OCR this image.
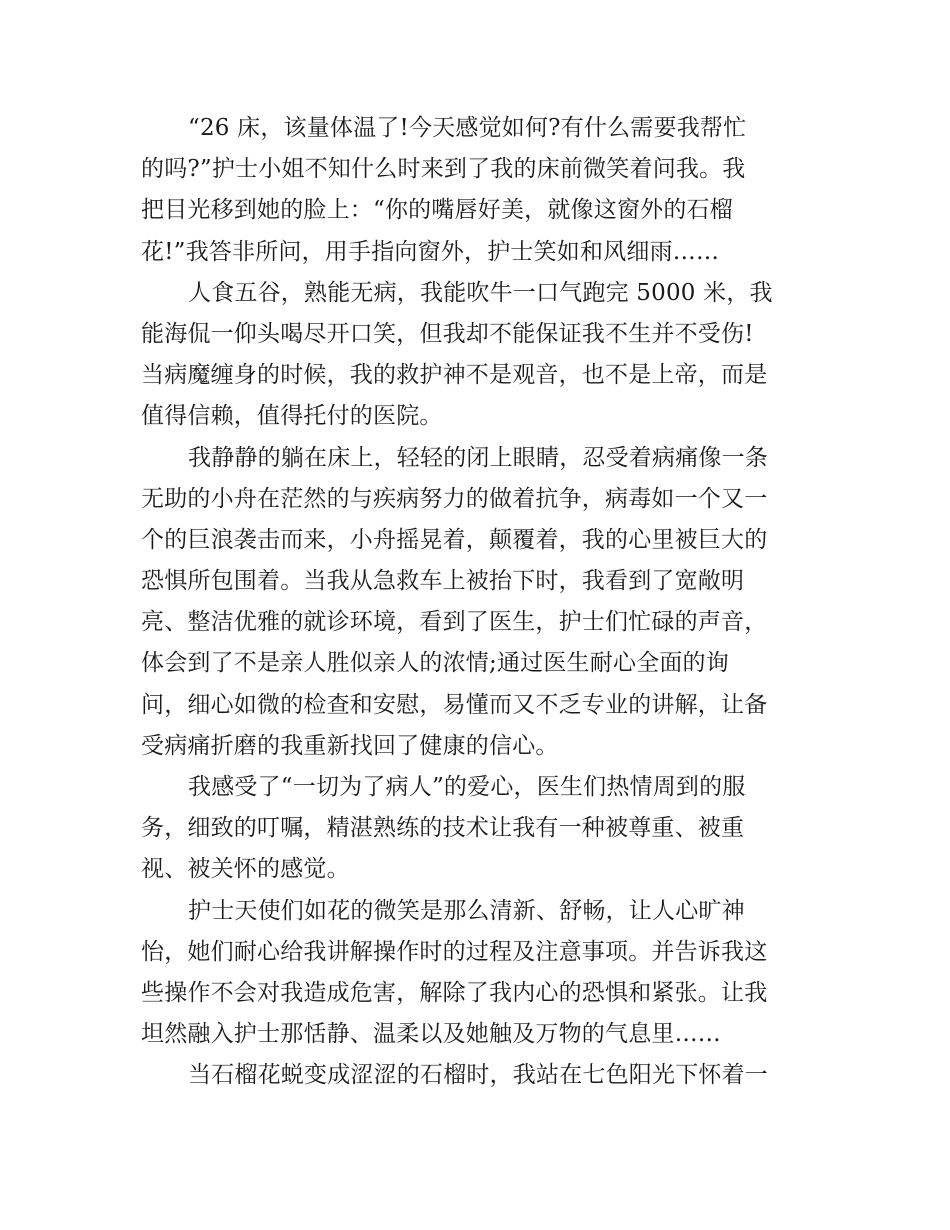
“26 床，该量体温了!今天感觉如何?有什么需要我帮忙
的吗?”护士小姐不知什么时来到了我的床前微笑着问我。我
把目光移到她的脸上：“你的嘴唇好美，就像这窗外的石榴
花!”我答非所问，用手指向窗外，护士笑如和风细雨……
人食五谷，熟能无病，我能吹牛一口气跑完 5000 米，我
能海侃一仰头喝尽开口笑，但我却不能保证我不生并不受伤!
当病魔缠身的时候，我的救护神不是观音，也不是上帝，而是
值得信赖，值得托付的医院。
我静静的躺在床上，轻轻的闭上眼睛，忍受着病痛像一条
无助的小舟在茫然的与疾病努力的做着抗争，病毒如一个又一
个的巨浪袭击而来，小舟摇晃着，颠覆着，我的心里被巨大的
恐惧所包围着。当我从急救车上被抬下时，我看到了宽敞明
亮、整洁优雅的就诊环境，看到了医生，护士们忙碌的声音，
体会到了不是亲人胜似亲人的浓情;通过医生耐心全面的询
问，细心如微的检查和安慰，易懂而又不乏专业的讲解，让备
受病痛折磨的我重新找回了健康的信心。
我感受了“一切为了病人”的爱心，医生们热情周到的服
务，细致的叮嘱，精湛熟练的技术让我有一种被尊重、被重
视、被关怀的感觉。
护士天使们如花的微笑是那么清新、舒畅，让人心旷神
怡，她们耐心给我讲解操作时的过程及注意事项。并告诉我这
些操作不会对我造成危害，解除了我内心的恐惧和紧张。让我
坦然融入护士那恬静、温柔以及她触及万物的气息里……
当石榴花蜕变成涩涩的石榴时，我站在七色阳光下怀着一
